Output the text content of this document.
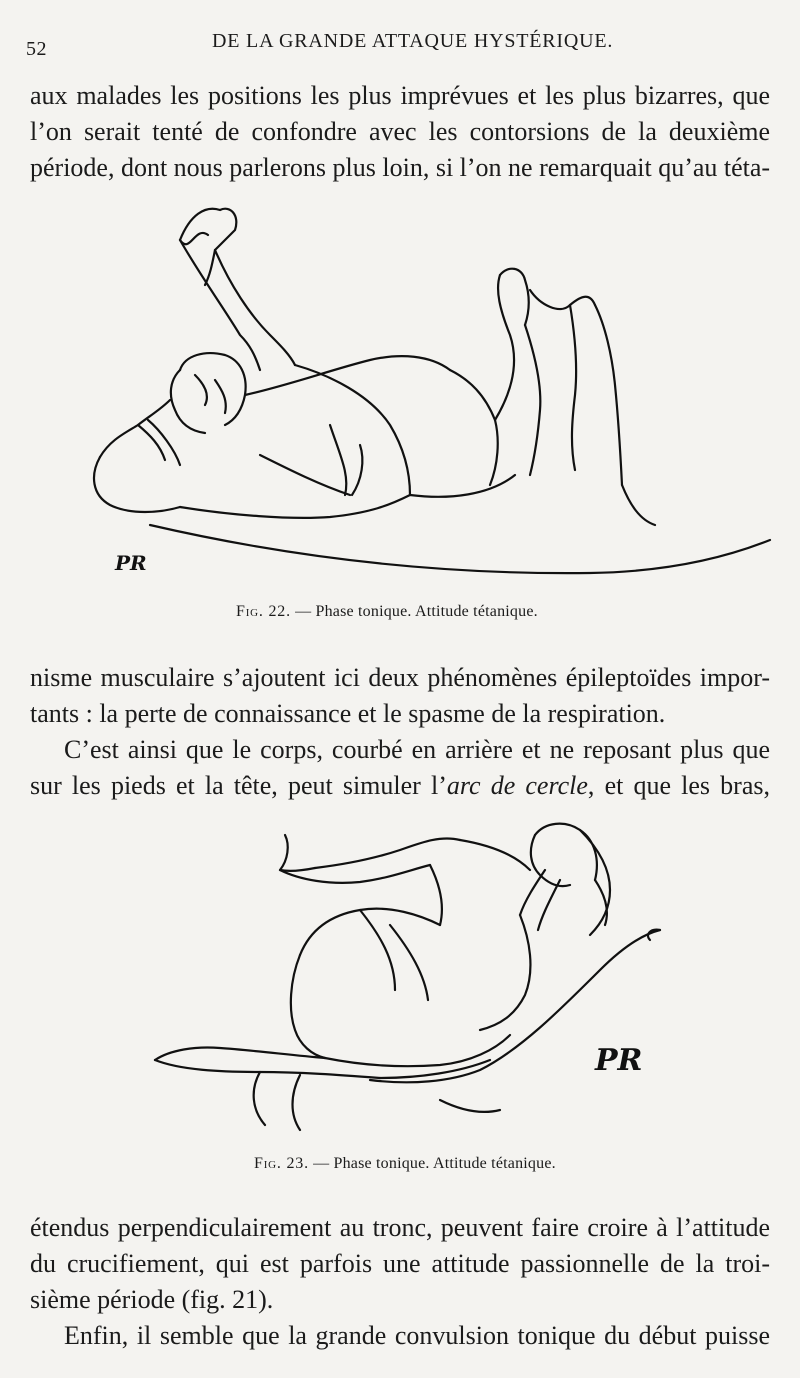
52	DE LA GRANDE ATTAQUE HYSTÉRIQUE.
aux malades les positions les plus imprévues et les plus bizarres, que
l’on serait tenté de confondre avec les contorsions de la deuxième
période, dont nous parlerons plus loin, si l’on ne remarquait qu’au téta-
PR
Fig. 22. — Phase tonique. Attitude tétanique.
nisme musculaire s’ajoutent ici deux phénomènes épileptoïdes impor-
tants : la perte de connaissance et le spasme de la respiration.
C’est ainsi que le corps, courbé en arrière et ne reposant plus que
sur les pieds et la tête, peut simuler l’arc de cercle, et que les bras,
PR
Fig. 23. — Phase tonique. Attitude tétanique.
étendus perpendiculairement au tronc, peuvent faire croire à l’attitude
du crucifiement, qui est parfois une attitude passionnelle de la troi-
sième période (fig. 21).
Enfin, il semble que la grande convulsion tonique du début puisse
